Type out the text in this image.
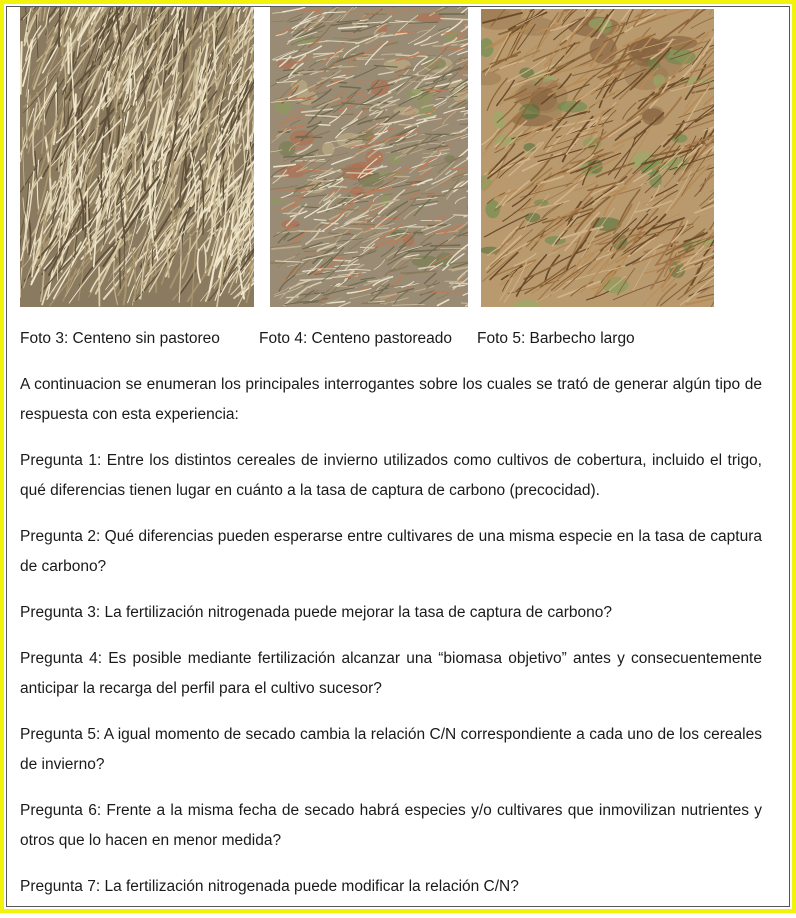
Foto 3: Centeno sin pastoreo	Foto 4: Centeno pastoreado Foto 5: Barbecho largo

A continuacion se enumeran los principales interrogantes sobre los cuales se trató de generar algún tipo de respuesta con esta experiencia:

Pregunta 1: Entre los distintos cereales de invierno utilizados como cultivos de cobertura, incluido el trigo, qué diferencias tienen lugar en cuánto a la tasa de captura de carbono (precocidad).

Pregunta 2: Qué diferencias pueden esperarse entre cultivares de una misma especie en la tasa de captura de carbono?

Pregunta 3: La fertilización nitrogenada puede mejorar la tasa de captura de carbono?

Pregunta 4: Es posible mediante fertilización alcanzar una “biomasa objetivo” antes y consecuentemente anticipar la recarga del perfil para el cultivo sucesor?

Pregunta 5: A igual momento de secado cambia la relación C/N correspondiente a cada uno de los cereales de invierno?

Pregunta 6: Frente a la misma fecha de secado habrá especies y/o cultivares que inmovilizan nutrientes y otros que lo hacen en menor medida?

Pregunta 7: La fertilización nitrogenada puede modificar la relación C/N?
